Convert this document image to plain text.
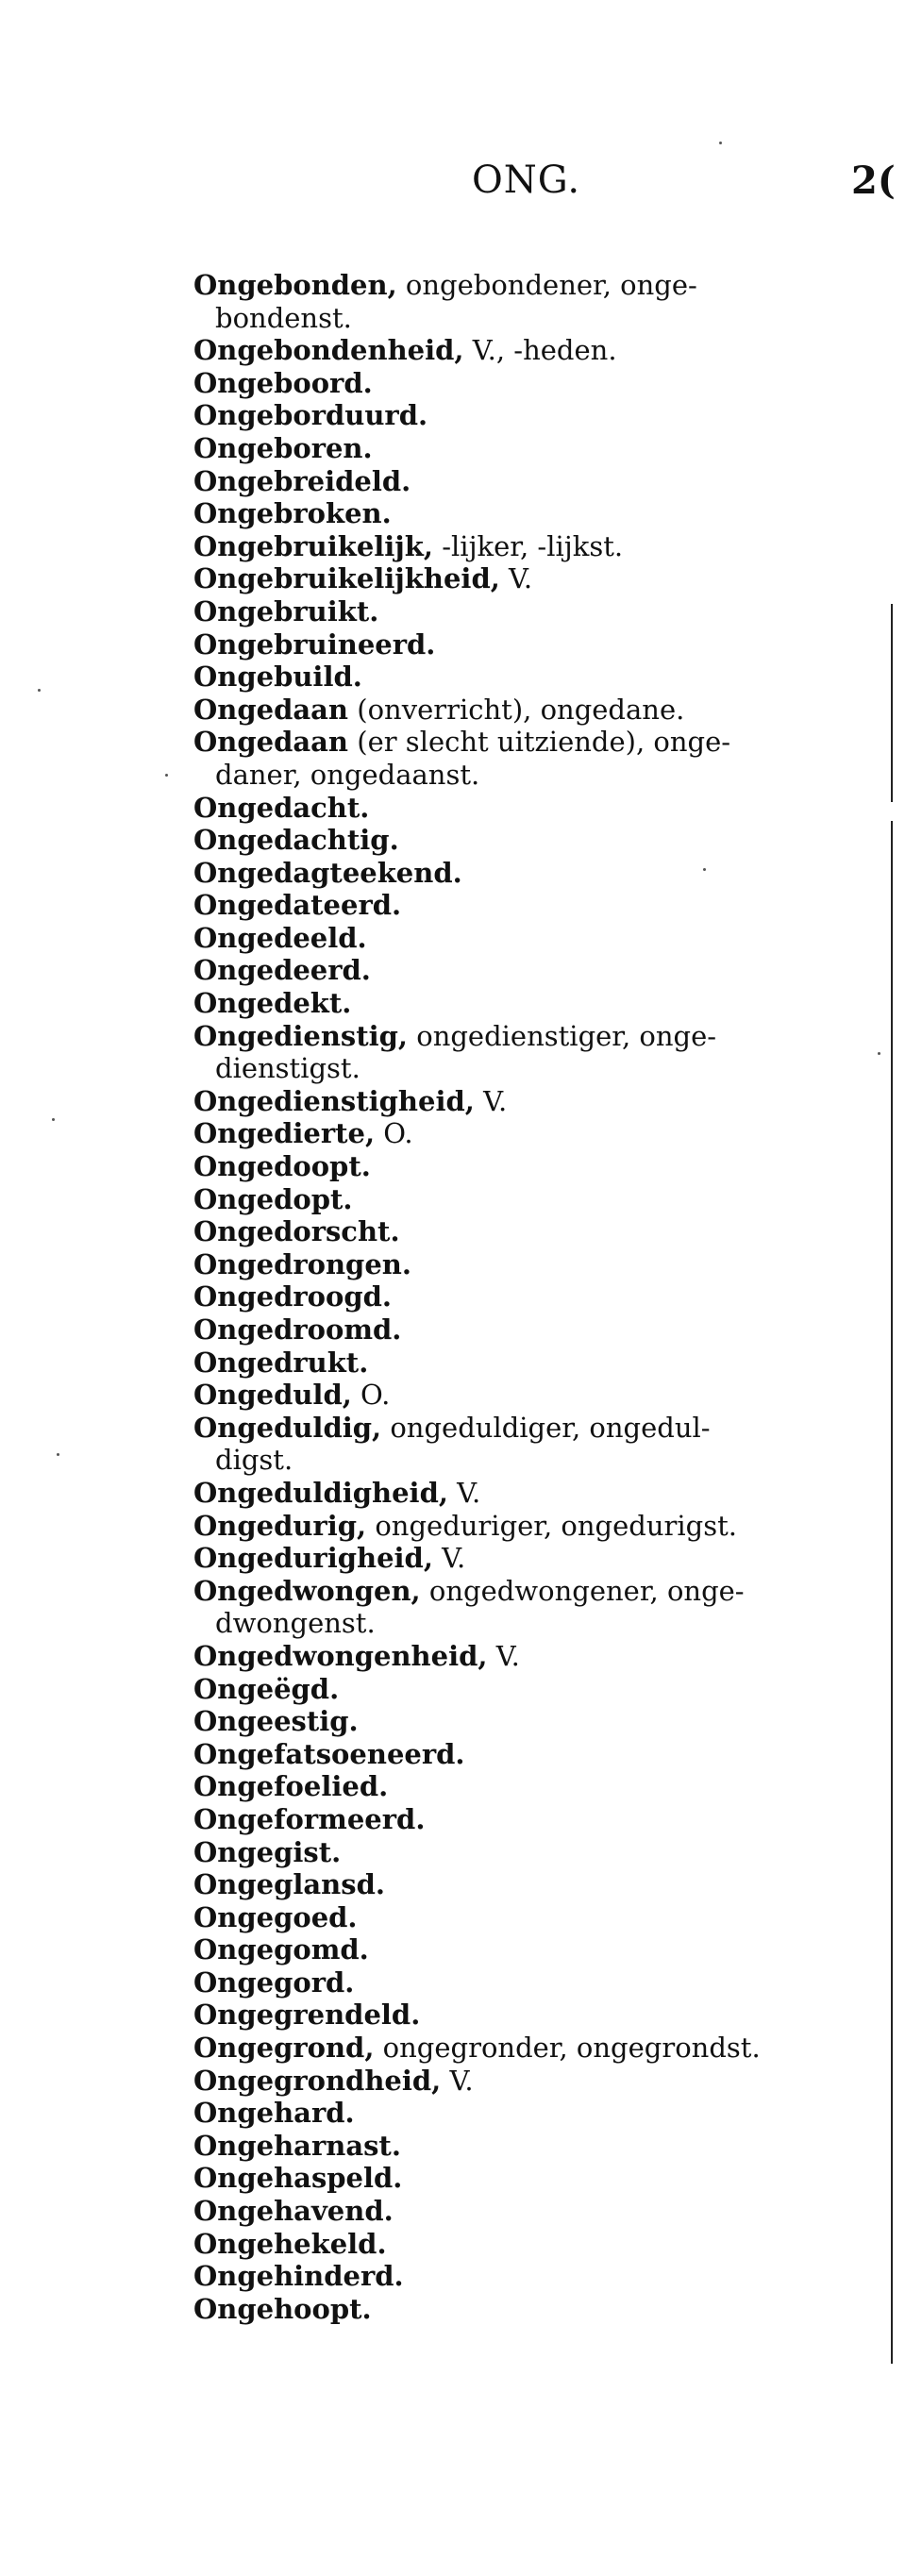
ONG.	2(
Ongebonden, ongebondener, onge-
bondenst.
Ongebondenheid, V., -heden.
Ongeboord.
Ongeborduurd.
Ongeboren.
Ongebreideld.
Ongebroken.
Ongebruikelijk, -lijker, -lijkst.
Ongebruikelijkheid, V.
Ongebruikt.
Ongebruineerd.
Ongebuild.
Ongedaan (onverricht), ongedane.
Ongedaan (er slecht uitziende), onge-
daner, ongedaanst.
Ongedacht.
Ongedachtig.
Ongedagteekend.
Ongedateerd.
Ongedeeld.
Ongedeerd.
Ongedekt.
Ongedienstig, ongedienstiger, onge-
dienstigst.
Ongedienstigheid, V.
Ongedierte, O.
Ongedoopt.
Ongedopt.
Ongedorscht.
Ongedrongen.
Ongedroogd.
Ongedroomd.
Ongedrukt.
Ongeduld, O.
Ongeduldig, ongeduldiger, ongedul-
digst.
Ongeduldigheid, V.
Ongedurig, ongeduriger, ongedurigst.
Ongedurigheid, V.
Ongedwongen, ongedwongener, onge-
dwongenst.
Ongedwongenheid, V.
Ongeëgd.
Ongeestig.
Ongefatsoeneerd.
Ongefoelied.
Ongeformeerd.
Ongegist.
Ongeglansd.
Ongegoed.
Ongegomd.
Ongegord.
Ongegrendeld.
Ongegrond, ongegronder, ongegrondst.
Ongegrondheid, V.
Ongehard.
Ongeharnast.
Ongehaspeld.
Ongehavend.
Ongehekeld.
Ongehinderd.
Ongehoopt.
